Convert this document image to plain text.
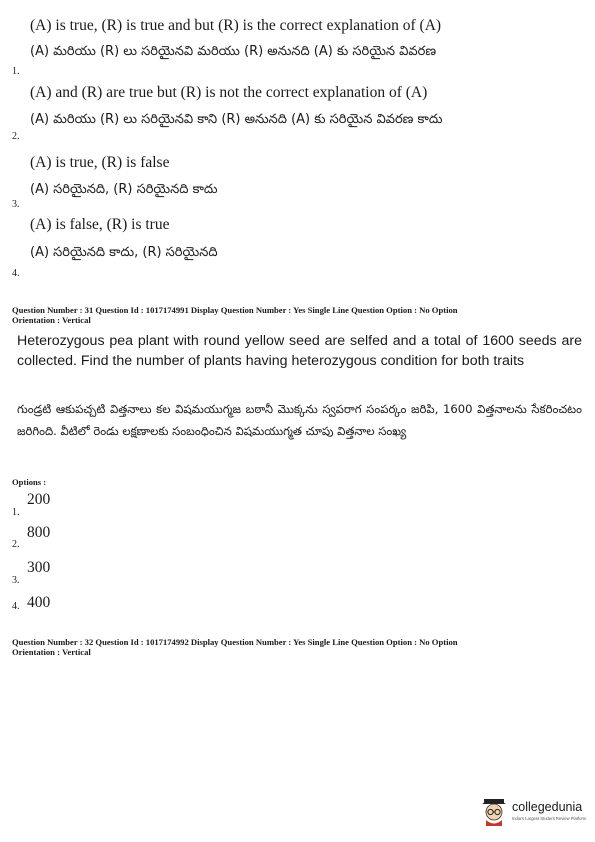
(A) is true, (R) is true and but (R) is the correct explanation of (A)
(A) మరియు (R) లు సరియైనవి మరియు (R) అనునది (A) కు సరియైన వివరణ
1.
(A) and (R) are true but (R) is not the correct explanation of (A)
(A) మరియు (R) లు సరియైనవి కాని (R) అనునది (A) కు సరియైన వివరణ కాదు
2.
(A) is true, (R) is false
(A) సరియైనది, (R) సరియైనది కాదు
3.
(A) is false, (R) is true
(A) సరియైనది కాదు, (R) సరియైనది
4.
Question Number : 31 Question Id : 1017174991 Display Question Number : Yes Single Line Question Option : No Option
Orientation : Vertical
Heterozygous pea plant with round yellow seed are selfed and a total of 1600 seeds are collected. Find the number of plants having heterozygous condition for both traits
గుండ్రటి ఆకుపచ్చటి విత్తనాలు కల విషమయుగ్మజ బఠానీ మొక్కను స్వపరాగ సంపర్కం జరిపి, 1600 విత్తనాలను సేకరించటం జరిగింది. వీటిలో రెండు లక్షణాలకు సంబంధించిన విషమయుగ్మత చూపు విత్తనాల సంఖ్య
Options :
200
1.
800
2.
300
3.
400
4.
Question Number : 32 Question Id : 1017174992 Display Question Number : Yes Single Line Question Option : No Option
Orientation : Vertical
collegedunia
India's Largest Student Review Platform
